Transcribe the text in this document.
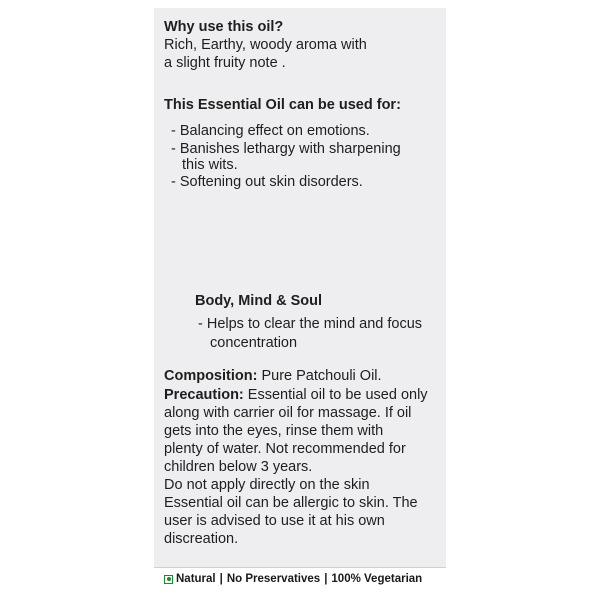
Why use this oil?
Rich, Earthy, woody aroma with
a slight fruity note .
This Essential Oil can be used for:
- Balancing effect on emotions.
- Banishes lethargy with sharpening
this wits.
- Softening out skin disorders.
Body, Mind & Soul
- Helps to clear the mind and focus
concentration
Composition: Pure Patchouli Oil.
Precaution: Essential oil to be used only
along with carrier oil for massage. If oil
gets into the eyes, rinse them with
plenty of water. Not recommended for
children below 3 years.
Do not apply directly on the skin
Essential oil can be allergic to skin. The
user is advised to use it at his own
discreation.
Natural | No Preservatives | 100% Vegetarian
